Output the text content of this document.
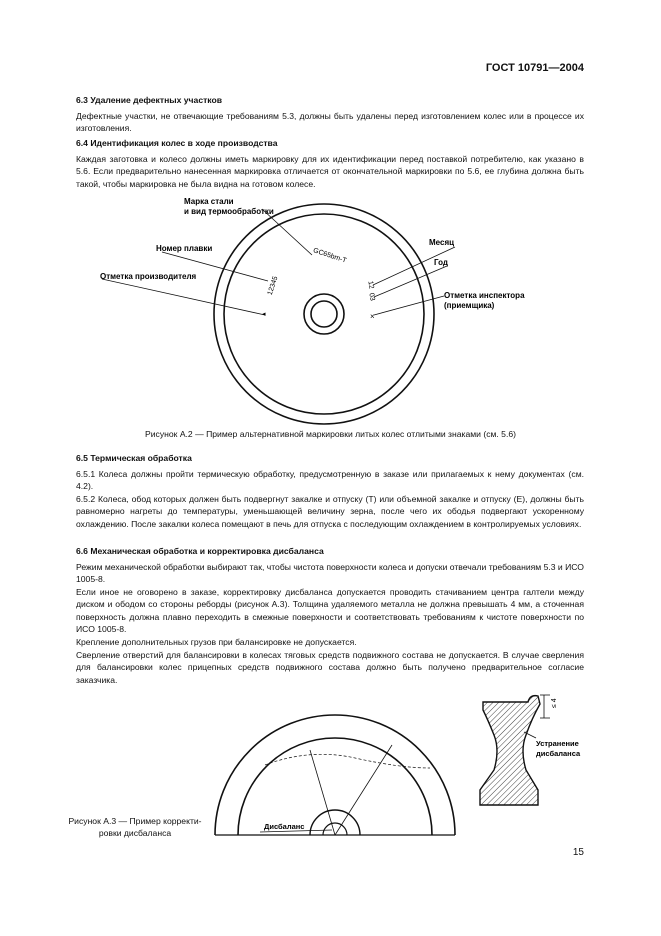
ГОСТ 10791—2004
6.3 Удаление дефектных участков
Дефектные участки, не отвечающие требованиям 5.3, должны быть удалены перед изготовлением колес или в процессе их изготовления.
6.4 Идентификация колес в ходе производства
Каждая заготовка и колесо должны иметь маркировку для их идентификации перед поставкой потребителю, как указано в 5.6. Если предварительно нанесенная маркировка отличается от окончательной маркировки по 5.6, ее глубина должна быть такой, чтобы маркировка не была видна на готовом колесе.
Марка стали
и вид термообработки
Номер плавки
Отметка производителя
Месяц
Год
Отметка инспектора
(приемщика)
GC65bm-T
12345
◂
12
03
×
Рисунок А.2 — Пример альтернативной маркировки литых колес отлитыми знаками (см. 5.6)
6.5 Термическая обработка
6.5.1 Колеса должны пройти термическую обработку, предусмотренную в заказе или прилагаемых к нему документах (см. 4.2).
6.5.2 Колеса, обод которых должен быть подвергнут закалке и отпуску (Т) или объемной закалке и отпуску (Е), должны быть равномерно нагреты до температуры, уменьшающей величину зерна, после чего их ободья подвергают ускоренному охлаждению. После закалки колеса помещают в печь для отпуска с последующим охлаждением в контролируемых условиях.
6.6 Механическая обработка и корректировка дисбаланса
Режим механической обработки выбирают так, чтобы чистота поверхности колеса и допуски отвечали требованиям 5.3 и ИСО 1005-8.
Если иное не оговорено в заказе, корректировку дисбаланса допускается проводить стачиванием центра галтели между диском и ободом со стороны реборды (рисунок А.3). Толщина удаляемого металла не должна превышать 4 мм, а сточенная поверхность должна плавно переходить в смежные поверхности и соответствовать требованиям к чистоте поверхности по ИСО 1005-8.
Крепление дополнительных грузов при балансировке не допускается.
Сверление отверстий для балансировки в колесах тяговых средств подвижного состава не допускается. В случае сверления для балансировки колес прицепных средств подвижного состава должно быть получено предварительное согласие заказчика.
≤ 4
Устранение
дисбаланса
Дисбаланс
Рисунок А.3 — Пример корректи-
ровки дисбаланса
15
